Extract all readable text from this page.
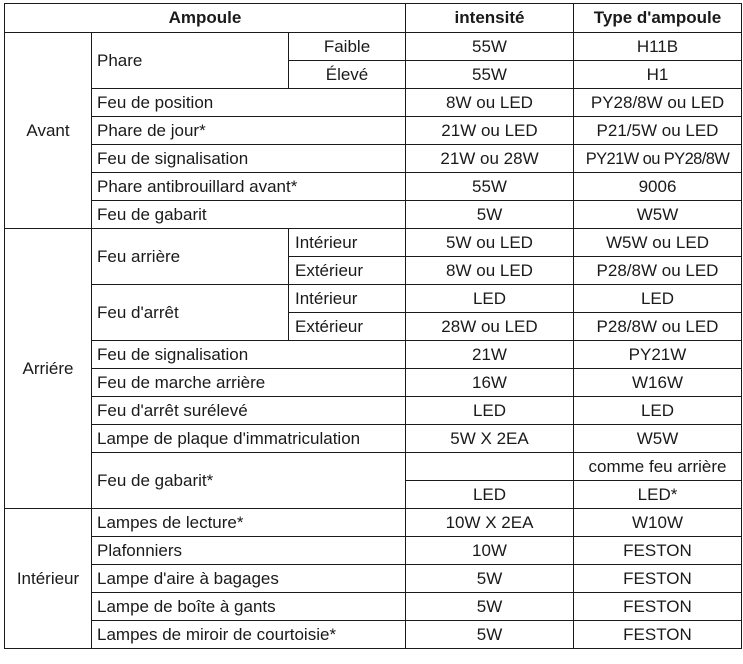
Ampoule			intensité	Type d'ampoule
Avant	Phare	Faible	55W	H11B
		Élevé	55W	H1
	Feu de position		8W ou LED	PY28/8W ou LED
	Phare de jour*		21W ou LED	P21/5W ou LED
	Feu de signalisation		21W ou 28W	PY21W ou PY28/8W
	Phare antibrouillard avant*		55W	9006
	Feu de gabarit		5W	W5W
Arriére	Feu arrière	Intérieur	5W ou LED	W5W ou LED
		Extérieur	8W ou LED	P28/8W ou LED
	Feu d'arrêt	Intérieur	LED	LED
		Extérieur	28W ou LED	P28/8W ou LED
	Feu de signalisation		21W	PY21W
	Feu de marche arrière		16W	W16W
	Feu d'arrêt surélevé		LED	LED
	Lampe de plaque d'immatriculation		5W X 2EA	W5W
	Feu de gabarit*			comme feu arrière
			LED	LED*
Intérieur	Lampes de lecture*		10W X 2EA	W10W
	Plafonniers		10W	FESTON
	Lampe d'aire à bagages		5W	FESTON
	Lampe de boîte à gants		5W	FESTON
	Lampes de miroir de courtoisie*		5W	FESTON
